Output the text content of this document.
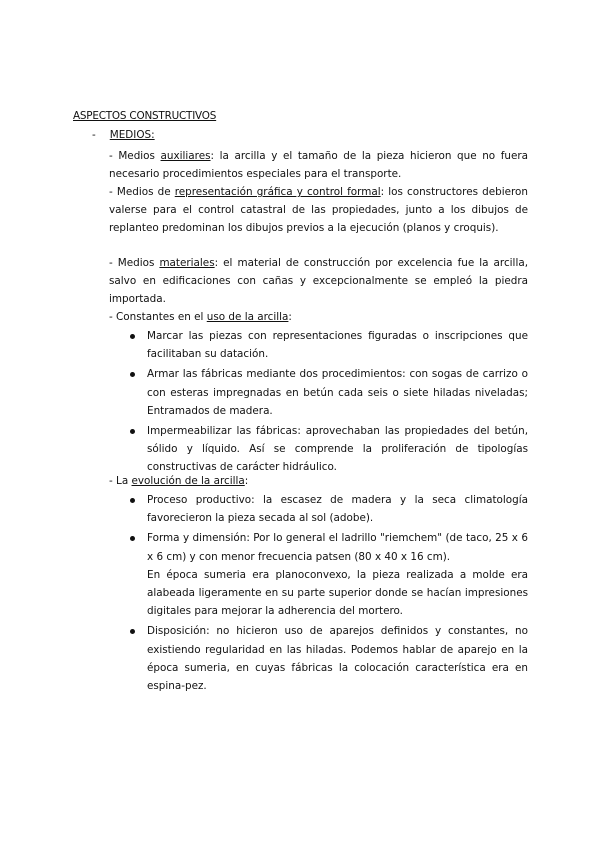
ASPECTOS CONSTRUCTIVOS
- MEDIOS:
- Medios auxiliares: la arcilla y el tamaño de la pieza hicieron que no fuera necesario procedimientos especiales para el transporte.
- Medios de representación gráfica y control formal: los constructores debieron valerse para el control catastral de las propiedades, junto a los dibujos de replanteo predominan los dibujos previos a la ejecución (planos y croquis).
- Medios materiales: el material de construcción por excelencia fue la arcilla, salvo en edificaciones con cañas y excepcionalmente se empleó la piedra importada.
- Constantes en el uso de la arcilla:
Marcar las piezas con representaciones figuradas o inscripciones que facilitaban su datación.
Armar las fábricas mediante dos procedimientos: con sogas de carrizo o con esteras impregnadas en betún cada seis o siete hiladas niveladas; Entramados de madera.
Impermeabilizar las fábricas: aprovechaban las propiedades del betún, sólido y líquido. Así se comprende la proliferación de tipologías constructivas de carácter hidráulico.
- La evolución de la arcilla:
Proceso productivo: la escasez de madera y la seca climatología favorecieron la pieza secada al sol (adobe).
Forma y dimensión: Por lo general el ladrillo "riemchem" (de taco, 25 x 6 x 6 cm) y con menor frecuencia patsen (80 x 40 x 16 cm).
En época sumeria era planoconvexo, la pieza realizada a molde era alabeada ligeramente en su parte superior donde se hacían impresiones digitales para mejorar la adherencia del mortero.
Disposición: no hicieron uso de aparejos definidos y constantes, no existiendo regularidad en las hiladas. Podemos hablar de aparejo en la época sumeria, en cuyas fábricas la colocación característica era en espina-pez.
